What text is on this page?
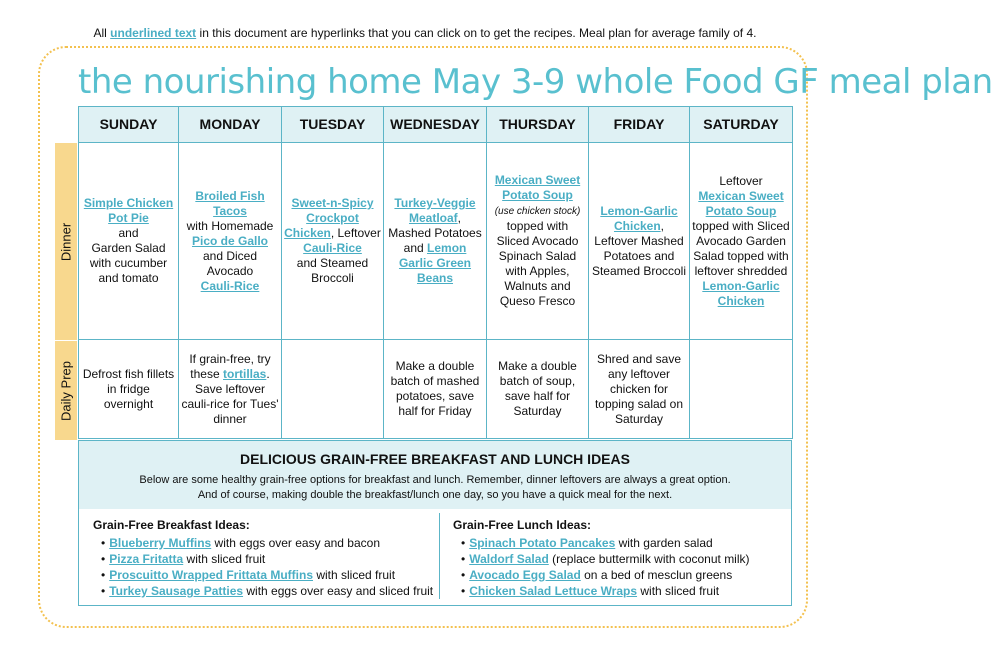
All underlined text in this document are hyperlinks that you can click on to get the recipes. Meal plan for average family of 4.
the nourishing home May 3-9 whole Food GF meal plan
Dinner
Daily Prep
SUNDAY	MONDAY	TUESDAY	WEDNESDAY	THURSDAY	FRIDAY	SATURDAY
Simple Chicken Pot Pie
and
Garden Salad with cucumber and tomato	Broiled Fish Tacos
with Homemade
Pico de Gallo and Diced Avocado
Cauli-Rice	Sweet-n-Spicy Crockpot Chicken, Leftover
Cauli-Rice
and Steamed Broccoli	Turkey-Veggie Meatloaf, Mashed Potatoes and Lemon Garlic Green Beans	Mexican Sweet Potato Soup
(use chicken stock)
topped with Sliced Avocado Spinach Salad with Apples, Walnuts and Queso Fresco	Lemon-Garlic Chicken, Leftover Mashed Potatoes and Steamed Broccoli	Leftover
Mexican Sweet Potato Soup
topped with Sliced Avocado Garden Salad topped with leftover shredded
Lemon-Garlic Chicken
Defrost fish fillets in fridge overnight	If grain-free, try these tortillas. Save leftover cauli-rice for Tues' dinner		Make a double batch of mashed potatoes, save half for Friday	Make a double batch of soup, save half for Saturday	Shred and save any leftover chicken for topping salad on Saturday	
DELICIOUS GRAIN-FREE BREAKFAST AND LUNCH IDEAS

Below are some healthy grain-free options for breakfast and lunch. Remember, dinner leftovers are always a great option.
And of course, making double the breakfast/lunch one day, so you have a quick meal for the next.

Grain-Free Breakfast Ideas:
• Blueberry Muffins with eggs over easy and bacon
• Pizza Fritatta with sliced fruit
• Proscuitto Wrapped Frittata Muffins with sliced fruit
• Turkey Sausage Patties with eggs over easy and sliced fruit
Grain-Free Lunch Ideas:
• Spinach Potato Pancakes with garden salad
• Waldorf Salad (replace buttermilk with coconut milk)
• Avocado Egg Salad on a bed of mesclun greens
• Chicken Salad Lettuce Wraps with sliced fruit
